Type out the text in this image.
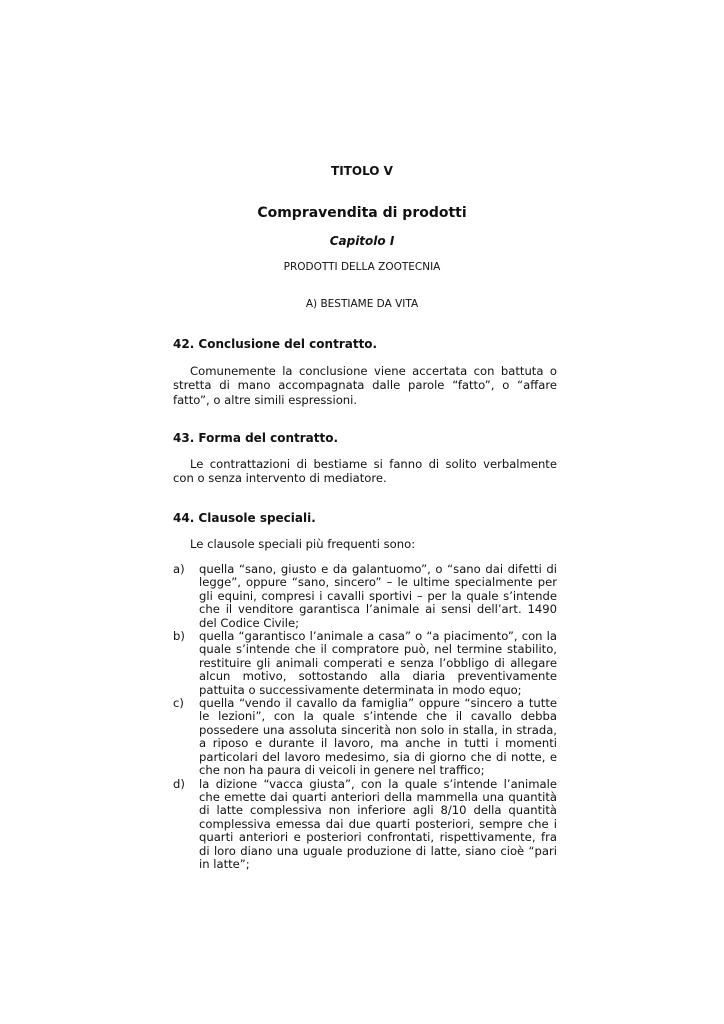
TITOLO V
Compravendita di prodotti
Capitolo I
PRODOTTI DELLA ZOOTECNIA
A) BESTIAME DA VITA
42. Conclusione del contratto.

Comunemente la conclusione viene accertata con battuta o stretta di mano accompagnata dalle parole “fatto”, o “affare fatto”, o altre simili espressioni.

43. Forma del contratto.

Le contrattazioni di bestiame si fanno di solito verbalmente con o senza intervento di mediatore.

44. Clausole speciali.

Le clausole speciali più frequenti sono:

a)	quella “sano, giusto e da galantuomo”, o “sano dai difetti di legge”, oppure “sano, sincero” – le ultime specialmente per gli equini, compresi i cavalli sportivi – per la quale s’intende che il venditore garantisca l’animale ai sensi dell’art. 1490 del Codice Civile;

b)	quella “garantisco l’animale a casa” o “a piacimento”, con la quale s’intende che il compratore può, nel termine stabilito, restituire gli animali comperati e senza l’obbligo di allegare alcun motivo, sottostando alla diaria preventivamente pattuita o successivamente determinata in modo equo;

c)	quella “vendo il cavallo da famiglia” oppure “sincero a tutte le lezioni”, con la quale s’intende che il cavallo debba possedere una assoluta sincerità non solo in stalla, in strada, a riposo e durante il lavoro, ma anche in tutti i momenti particolari del lavoro medesimo, sia di giorno che di notte, e che non ha paura di veicoli in genere nel traffico;

d)	la dizione “vacca giusta”, con la quale s’intende l’animale che emette dai quarti anteriori della mammella una quantità di latte complessiva non inferiore agli 8/10 della quantità complessiva emessa dai due quarti posteriori, sempre che i quarti anteriori e posteriori confrontati, rispettivamente, fra di loro diano una uguale produzione di latte, siano cioè “pari in latte”;
